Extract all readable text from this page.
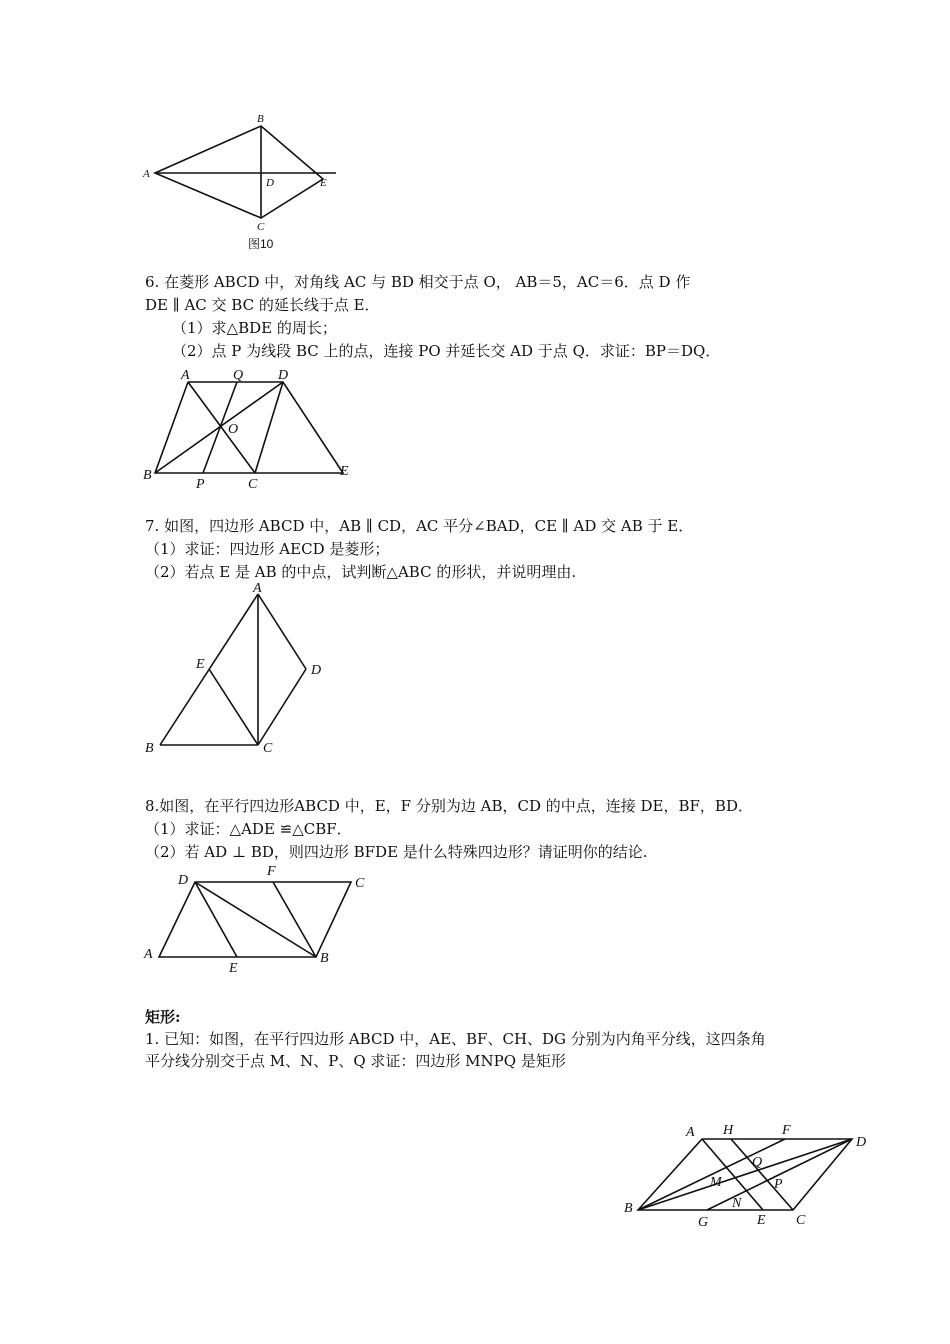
A
B
D	E
C
图10
6. 在菱形 ABCD 中，对角线 AC 与 BD 相交于点 O， AB＝5，AC＝6．点 D 作
DE ∥ AC 交 BC 的延长线于点 E．
（1）求△BDE 的周长；
（2）点 P 为线段 BC 上的点，连接 PO 并延长交 AD 于点 Q．求证：BP＝DQ．
A	Q D
O
B
P	C
E
7. 如图，四边形 ABCD 中，AB ∥ CD，AC 平分∠BAD，CE ∥ AD 交 AB 于 E．
（1）求证：四边形 AECD 是菱形；
（2）若点 E 是 AB 的中点，试判断△ABC 的形状，并说明理由.
A
E	D
B	C
8.如图，在平行四边形ABCD 中，E，F 分别为边 AB，CD 的中点，连接 DE，BF，BD．
（1）求证：△ADE ≌△CBF．
（2）若 AD ⊥ BD，则四边形 BFDE 是什么特殊四边形？请证明你的结论.
D
F
C
A
E
B
矩形:
1. 已知：如图，在平行四边形 ABCD 中，AE、BF、CH、DG 分别为内角平分线，这四条角
平分线分别交于点 M、N、P、Q 求证：四边形 MNPQ 是矩形
A H	F
D
Q
M	P
B	N
G	E C
